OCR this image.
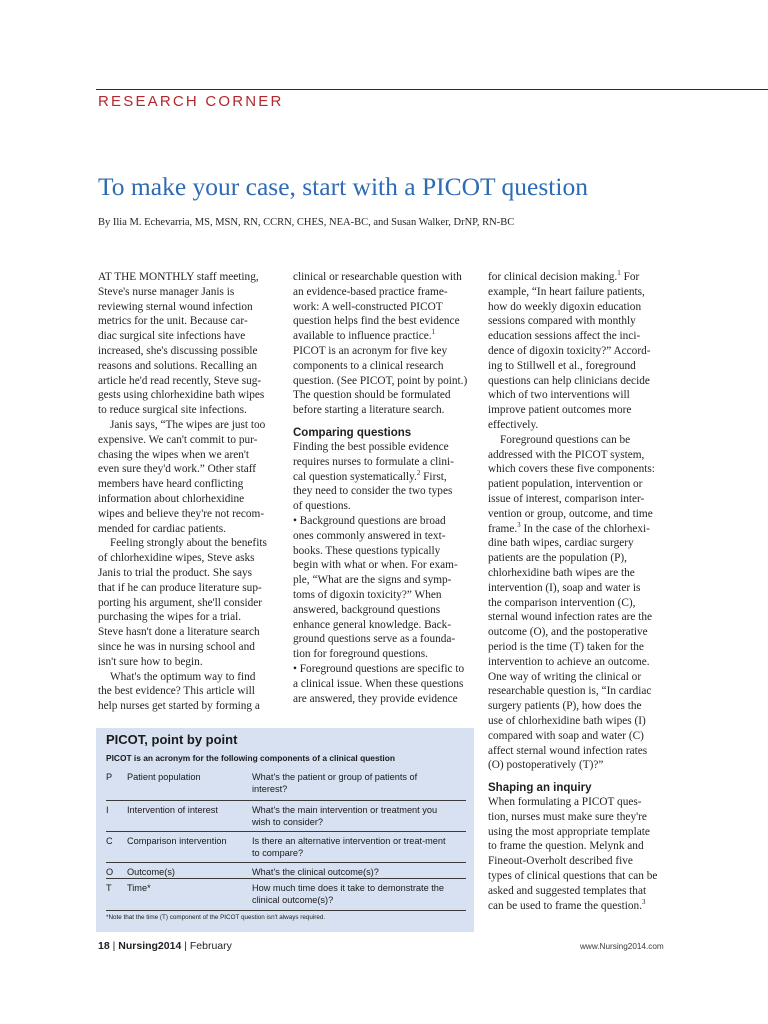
RESEARCH CORNER
To make your case, start with a PICOT question
By Ilia M. Echevarria, MS, MSN, RN, CCRN, CHES, NEA-BC, and Susan Walker, DrNP, RN-BC
AT THE MONTHLY staff meeting,
Steve's nurse manager Janis is
reviewing sternal wound infection
metrics for the unit. Because car-
diac surgical site infections have
increased, she's discussing possible
reasons and solutions. Recalling an
article he'd read recently, Steve sug-
gests using chlorhexidine bath wipes
to reduce surgical site infections.
Janis says, “The wipes are just too
expensive. We can't commit to pur-
chasing the wipes when we aren't
even sure they'd work.” Other staff
members have heard conflicting
information about chlorhexidine
wipes and believe they're not recom-
mended for cardiac patients.
Feeling strongly about the benefits
of chlorhexidine wipes, Steve asks
Janis to trial the product. She says
that if he can produce literature sup-
porting his argument, she'll consider
purchasing the wipes for a trial.
Steve hasn't done a literature search
since he was in nursing school and
isn't sure how to begin.
What's the optimum way to find
the best evidence? This article will
help nurses get started by forming a
clinical or researchable question with
an evidence-based practice frame-
work: A well-constructed PICOT
question helps find the best evidence
available to influence practice.$^1$
PICOT is an acronym for five key
components to a clinical research
question. (See PICOT, point by point.)
The question should be formulated
before starting a literature search.
Comparing questions
Finding the best possible evidence
requires nurses to formulate a clini-
cal question systematically.$^2$ First,
they need to consider the two types
of questions.
• Background questions are broad
ones commonly answered in text-
books. These questions typically
begin with what or when. For exam-
ple, “What are the signs and symp-
toms of digoxin toxicity?” When
answered, background questions
enhance general knowledge. Back-
ground questions serve as a founda-
tion for foreground questions.
• Foreground questions are specific to
a clinical issue. When these questions
are answered, they provide evidence
for clinical decision making.$^1$ For
example, “In heart failure patients,
how do weekly digoxin education
sessions compared with monthly
education sessions affect the inci-
dence of digoxin toxicity?” Accord-
ing to Stillwell et al., foreground
questions can help clinicians decide
which of two interventions will
improve patient outcomes more
effectively.
Foreground questions can be
addressed with the PICOT system,
which covers these five components:
patient population, intervention or
issue of interest, comparison inter-
vention or group, outcome, and time
frame.$^3$ In the case of the chlorhexi-
dine bath wipes, cardiac surgery
patients are the population (P),
chlorhexidine bath wipes are the
intervention (I), soap and water is
the comparison intervention (C),
sternal wound infection rates are the
outcome (O), and the postoperative
period is the time (T) taken for the
intervention to achieve an outcome.
One way of writing the clinical or
researchable question is, “In cardiac
surgery patients (P), how does the
use of chlorhexidine bath wipes (I)
compared with soap and water (C)
affect sternal wound infection rates
(O) postoperatively (T)?”
Shaping an inquiry
When formulating a PICOT ques-
tion, nurses must make sure they're
using the most appropriate template
to frame the question. Melynk and
Fineout-Overholt described five
types of clinical questions that can be
asked and suggested templates that
can be used to frame the question.$^3$
PICOT, point by point
PICOT is an acronym for the following components of a clinical question
P Patient population	What's the patient or group of patients of interest?
I Intervention of interest	What's the main intervention or treatment you wish to consider?
C Comparison intervention	Is there an alternative intervention or treat-ment to compare?
O Outcome(s)	What's the clinical outcome(s)?
T Time*	How much time does it take to demonstrate the clinical outcome(s)?
*Note that the time (T) component of the PICOT question isn't always required.
18 | Nursing2014 | February	www.Nursing2014.com
